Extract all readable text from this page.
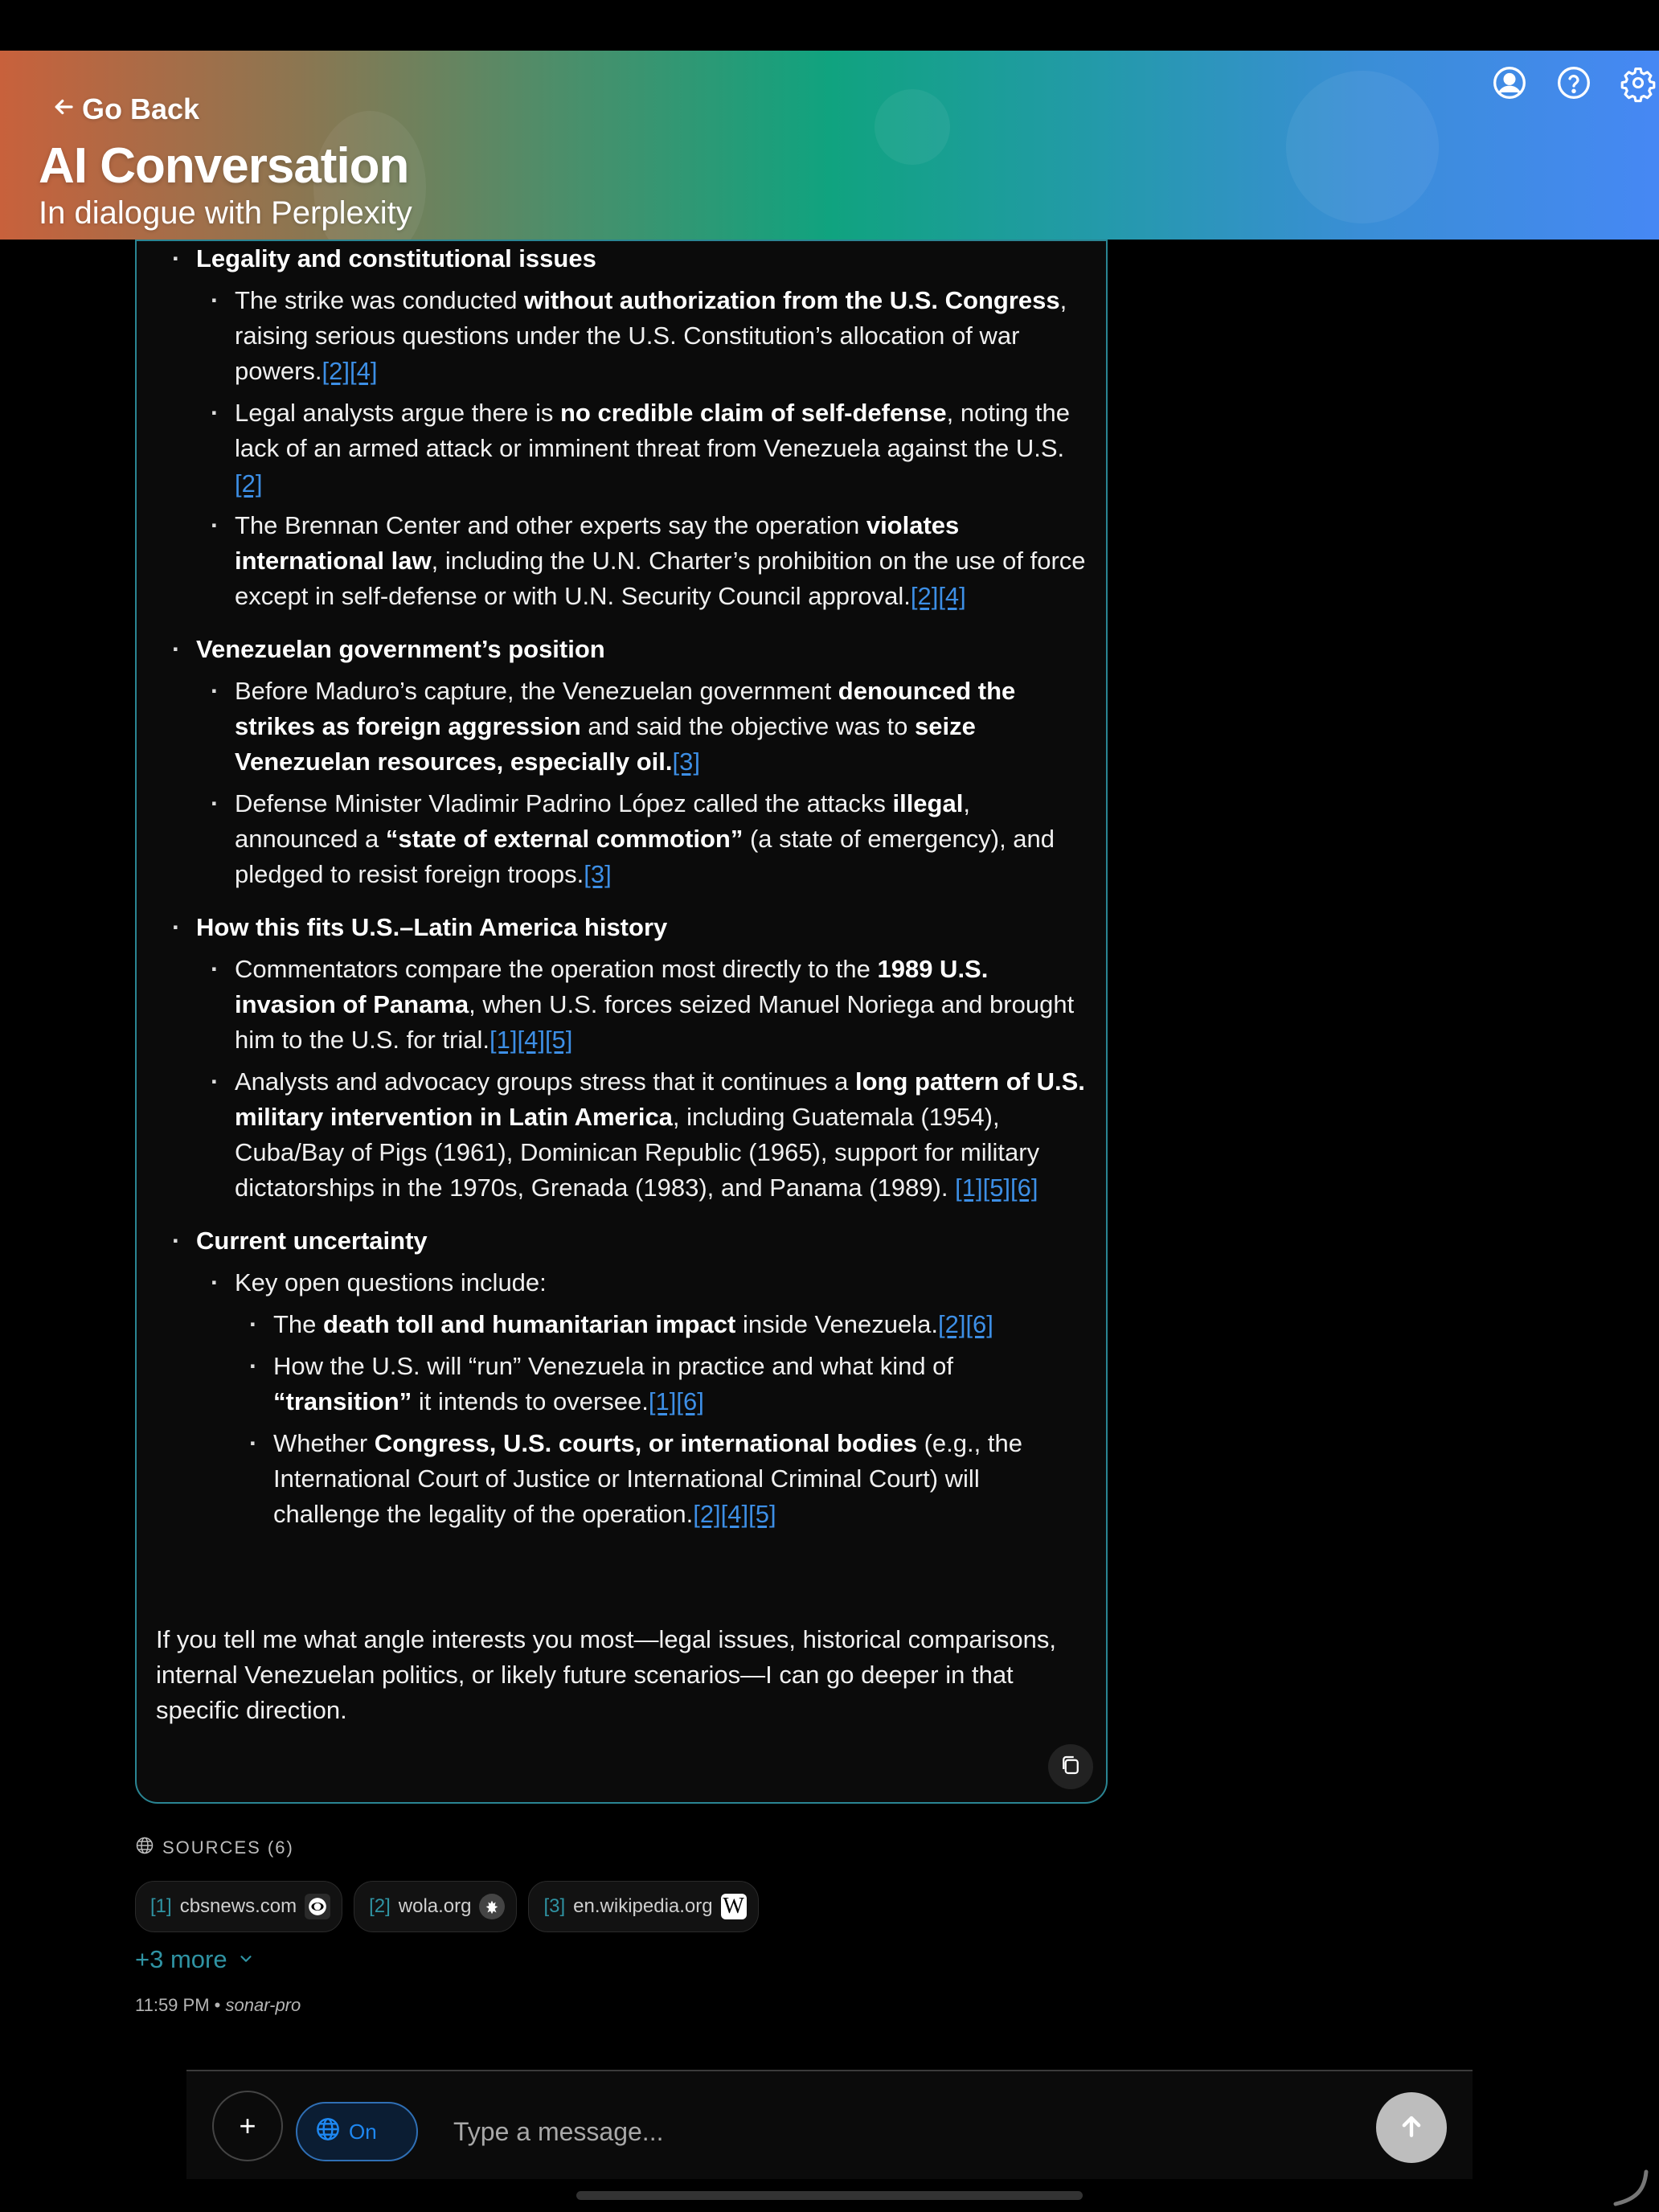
Go Back
AI Conversation
In dialogue with Perplexity
· Legality and constitutional issues
· The strike was conducted without authorization from the U.S. Congress, raising serious questions under the U.S. Constitution’s allocation of war powers.[2][4]
· Legal analysts argue there is no credible claim of self-defense, noting the lack of an armed attack or imminent threat from Venezuela against the U.S.[2]
· The Brennan Center and other experts say the operation violates international law, including the U.N. Charter’s prohibition on the use of force except in self-defense or with U.N. Security Council approval.[2][4]
· Venezuelan government’s position
· Before Maduro’s capture, the Venezuelan government denounced the strikes as foreign aggression and said the objective was to seize Venezuelan resources, especially oil.[3]
· Defense Minister Vladimir Padrino López called the attacks illegal, announced a “state of external commotion” (a state of emergency), and pledged to resist foreign troops.[3]
· How this fits U.S.–Latin America history
· Commentators compare the operation most directly to the 1989 U.S. invasion of Panama, when U.S. forces seized Manuel Noriega and brought him to the U.S. for trial.[1][4][5]
· Analysts and advocacy groups stress that it continues a long pattern of U.S. military intervention in Latin America, including Guatemala (1954), Cuba/Bay of Pigs (1961), Dominican Republic (1965), support for military dictatorships in the 1970s, Grenada (1983), and Panama (1989). [1][5][6]
· Current uncertainty
· Key open questions include:
· The death toll and humanitarian impact inside Venezuela.[2][6]
· How the U.S. will “run” Venezuela in practice and what kind of “transition” it intends to oversee.[1][6]
· Whether Congress, U.S. courts, or international bodies (e.g., the International Court of Justice or International Criminal Court) will challenge the legality of the operation.[2][4][5]
If you tell me what angle interests you most—legal issues, historical comparisons, internal Venezuelan politics, or likely future scenarios—I can go deeper in that specific direction.
SOURCES (6)
[1] cbsnews.com	[2] wola.org	[3] en.wikipedia.org W
+3 more
11:59 PM • sonar-pro
+	On
Type a message...
